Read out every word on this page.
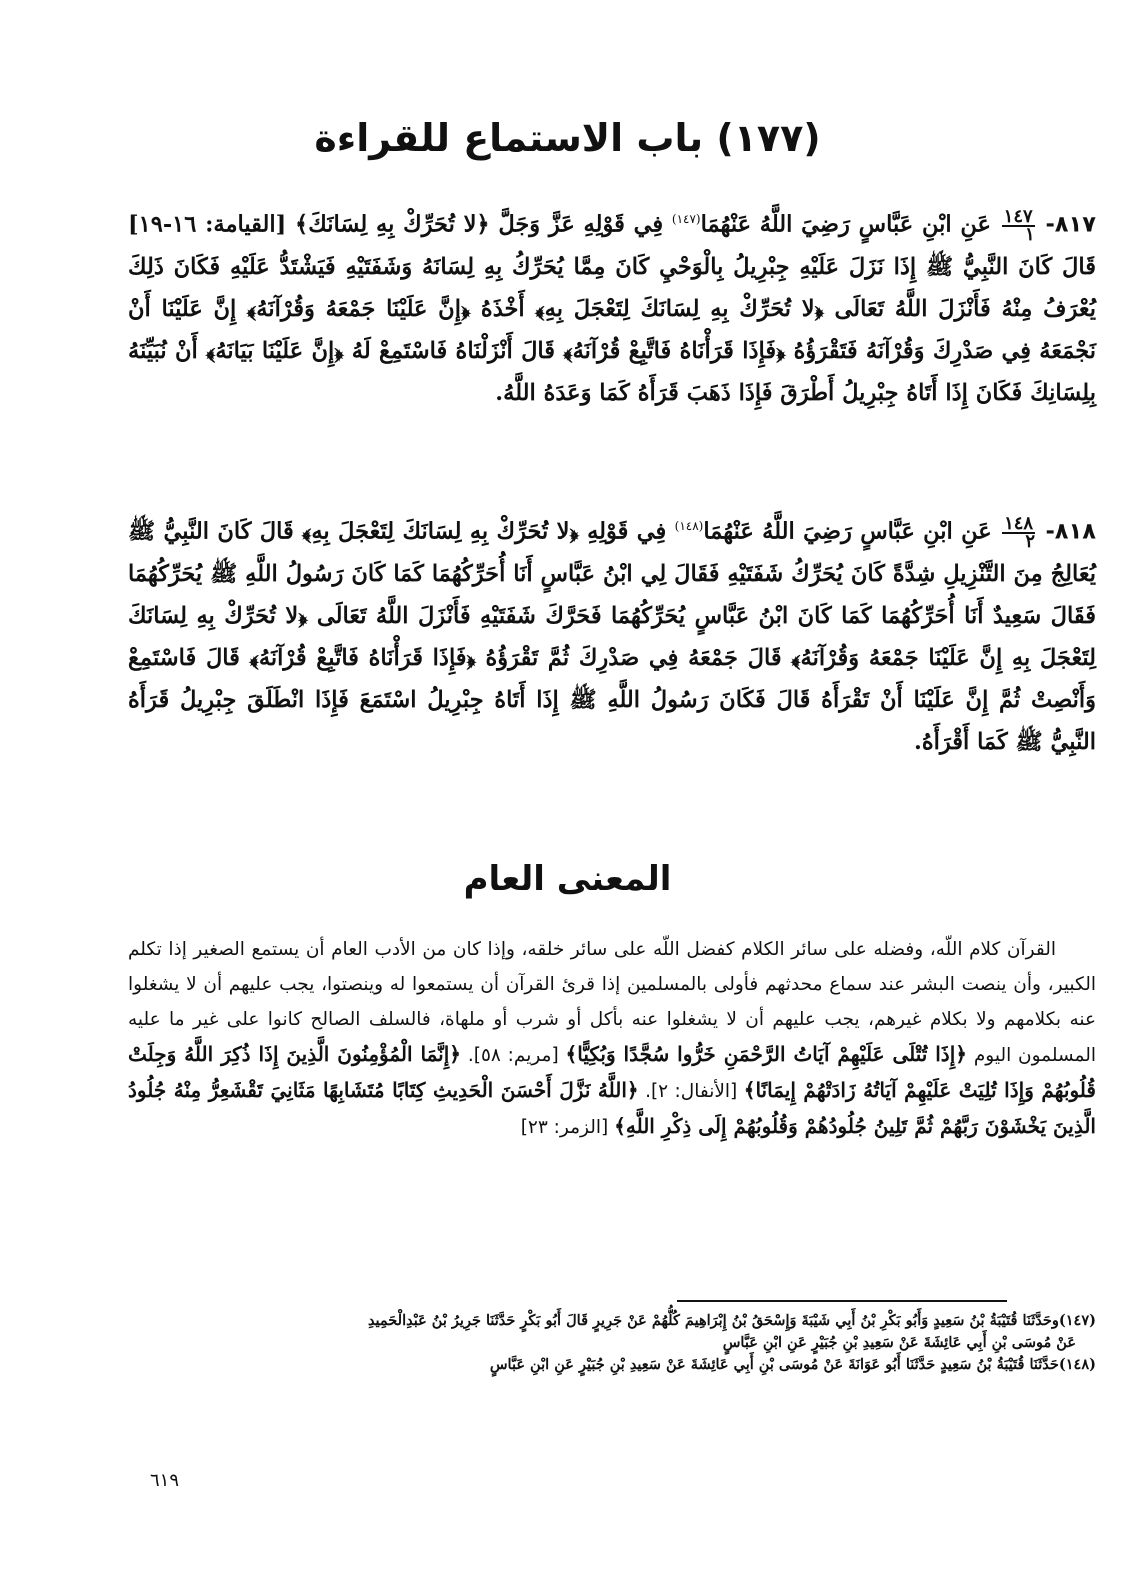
(١٧٧) باب الاستماع للقراءة
٨١٧-
$\frac{١٤٧}{١}$
عَنِ ابْنِ عَبَّاسٍ رَضِيَ اللَّهُ عَنْهُمَا$^{(١٤٧)}$ فِي قَوْلِهِ عَزَّ وَجَلَّ ﴿لا تُحَرِّكْ بِهِ لِسَانَكَ﴾ [القيامة: ١٦-١٩] قَالَ كَانَ النَّبِيُّ ﷺ إِذَا نَزَلَ عَلَيْهِ جِبْرِيلُ بِالْوَحْيِ كَانَ مِمَّا يُحَرِّكُ بِهِ لِسَانَهُ وَشَفَتَيْهِ فَيَشْتَدُّ عَلَيْهِ فَكَانَ ذَلِكَ يُعْرَفُ مِنْهُ فَأَنْزَلَ اللَّهُ تَعَالَى ﴿لا تُحَرِّكْ بِهِ لِسَانَكَ لِتَعْجَلَ بِهِ﴾ أَخْذَهُ ﴿إِنَّ عَلَيْنَا جَمْعَهُ وَقُرْآنَهُ﴾ إِنَّ عَلَيْنَا أَنْ نَجْمَعَهُ فِي صَدْرِكَ وَقُرْآنَهُ فَتَقْرَؤُهُ ﴿فَإِذَا قَرَأْنَاهُ فَاتَّبِعْ قُرْآنَهُ﴾ قَالَ أَنْزَلْنَاهُ فَاسْتَمِعْ لَهُ ﴿إِنَّ عَلَيْنَا بَيَانَهُ﴾ أَنْ نُبَيِّنَهُ بِلِسَانِكَ فَكَانَ إِذَا أَتَاهُ جِبْرِيلُ أَطْرَقَ فَإِذَا ذَهَبَ قَرَأَهُ كَمَا وَعَدَهُ اللَّهُ.
٨١٨-
$\frac{١٤٨}{٢}$
عَنِ ابْنِ عَبَّاسٍ رَضِيَ اللَّهُ عَنْهُمَا$^{(١٤٨)}$ فِي قَوْلِهِ ﴿لا تُحَرِّكْ بِهِ لِسَانَكَ لِتَعْجَلَ بِهِ﴾ قَالَ كَانَ النَّبِيُّ ﷺ يُعَالِجُ مِنَ التَّنْزِيلِ شِدَّةً كَانَ يُحَرِّكُ شَفَتَيْهِ فَقَالَ لِي ابْنُ عَبَّاسٍ أَنَا أُحَرِّكُهُمَا كَمَا كَانَ رَسُولُ اللَّهِ ﷺ يُحَرِّكُهُمَا فَقَالَ سَعِيدٌ أَنَا أُحَرِّكُهُمَا كَمَا كَانَ ابْنُ عَبَّاسٍ يُحَرِّكُهُمَا فَحَرَّكَ شَفَتَيْهِ فَأَنْزَلَ اللَّهُ تَعَالَى ﴿لا تُحَرِّكْ بِهِ لِسَانَكَ لِتَعْجَلَ بِهِ إِنَّ عَلَيْنَا جَمْعَهُ وَقُرْآنَهُ﴾ قَالَ جَمْعَهُ فِي صَدْرِكَ ثُمَّ تَقْرَؤُهُ ﴿فَإِذَا قَرَأْنَاهُ فَاتَّبِعْ قُرْآنَهُ﴾ قَالَ فَاسْتَمِعْ وَأَنْصِتْ ثُمَّ إِنَّ عَلَيْنَا أَنْ تَقْرَأَهُ قَالَ فَكَانَ رَسُولُ اللَّهِ ﷺ إِذَا أَتَاهُ جِبْرِيلُ اسْتَمَعَ فَإِذَا انْطَلَقَ جِبْرِيلُ قَرَأَهُ النَّبِيُّ ﷺ كَمَا أَقْرَأَهُ.
المعنى العام
القرآن كلام اللّه، وفضله على سائر الكلام كفضل اللّه على سائر خلقه، وإذا كان من الأدب العام أن يستمع الصغير إذا تكلم الكبير، وأن ينصت البشر عند سماع محدثهم فأولى بالمسلمين إذا قرئ القرآن أن يستمعوا له وينصتوا، يجب عليهم أن لا يشغلوا عنه بكلامهم ولا بكلام غيرهم، يجب عليهم أن لا يشغلوا عنه بأكل أو شرب أو ملهاة، فالسلف الصالح كانوا على غير ما عليه المسلمون اليوم ﴿إِذَا تُتْلَى عَلَيْهِمْ آيَاتُ الرَّحْمَنِ خَرُّوا سُجَّدًا وَبُكِيًّا﴾ [مريم: ٥٨]. ﴿إِنَّمَا الْمُؤْمِنُونَ الَّذِينَ إِذَا ذُكِرَ اللَّهُ وَجِلَتْ قُلُوبُهُمْ وَإِذَا تُلِيَتْ عَلَيْهِمْ آيَاتُهُ زَادَتْهُمْ إِيمَانًا﴾ [الأنفال: ٢]. ﴿اللَّهُ نَزَّلَ أَحْسَنَ الْحَدِيثِ كِتَابًا مُتَشَابِهًا مَثَانِيَ تَقْشَعِرُّ مِنْهُ جُلُودُ الَّذِينَ يَخْشَوْنَ رَبَّهُمْ ثُمَّ تَلِينُ جُلُودُهُمْ وَقُلُوبُهُمْ إِلَى ذِكْرِ اللَّهِ﴾ [الزمر: ٢٣]

(١٤٧)وحَدَّثَنَا قُتَيْبَةُ بْنُ سَعِيدٍ وَأَبُو بَكْرِ بْنُ أَبِي شَيْبَةَ وَإِسْحَقُ بْنُ إِبْرَاهِيمَ كُلُّهُمْ عَنْ جَرِيرٍ قَالَ أَبُو بَكْرٍ حَدَّثَنَا جَرِيرُ بْنُ عَبْدِالْحَمِيدِ
عَنْ مُوسَى بْنِ أَبِي عَائِشَةَ عَنْ سَعِيدِ بْنِ جُبَيْرٍ عَنِ ابْنِ عَبَّاسٍ

(١٤٨)حَدَّثَنَا قُتَيْبَةُ بْنُ سَعِيدٍ حَدَّثَنَا أَبُو عَوَانَةَ عَنْ مُوسَى بْنِ أَبِي عَائِشَةَ عَنْ سَعِيدِ بْنِ جُبَيْرٍ عَنِ ابْنِ عَبَّاسٍ

٦١٩
